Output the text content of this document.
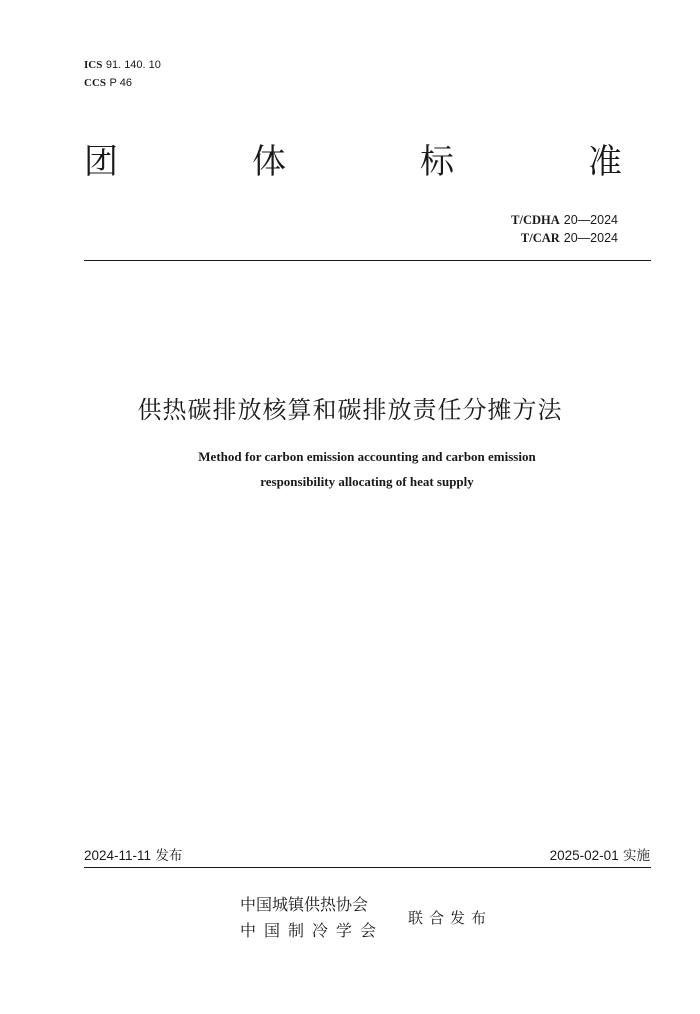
ICS 91. 140. 10
CCS P 46
团	体	标	准
T/CDHA 20—2024
T/CAR 20—2024
供热碳排放核算和碳排放责任分摊方法
Method for carbon emission accounting and carbon emission
responsibility allocating of heat supply
2024-11-11 发布	2025-02-01 实施
中国城镇供热协会
中国制冷学会
联合发布
